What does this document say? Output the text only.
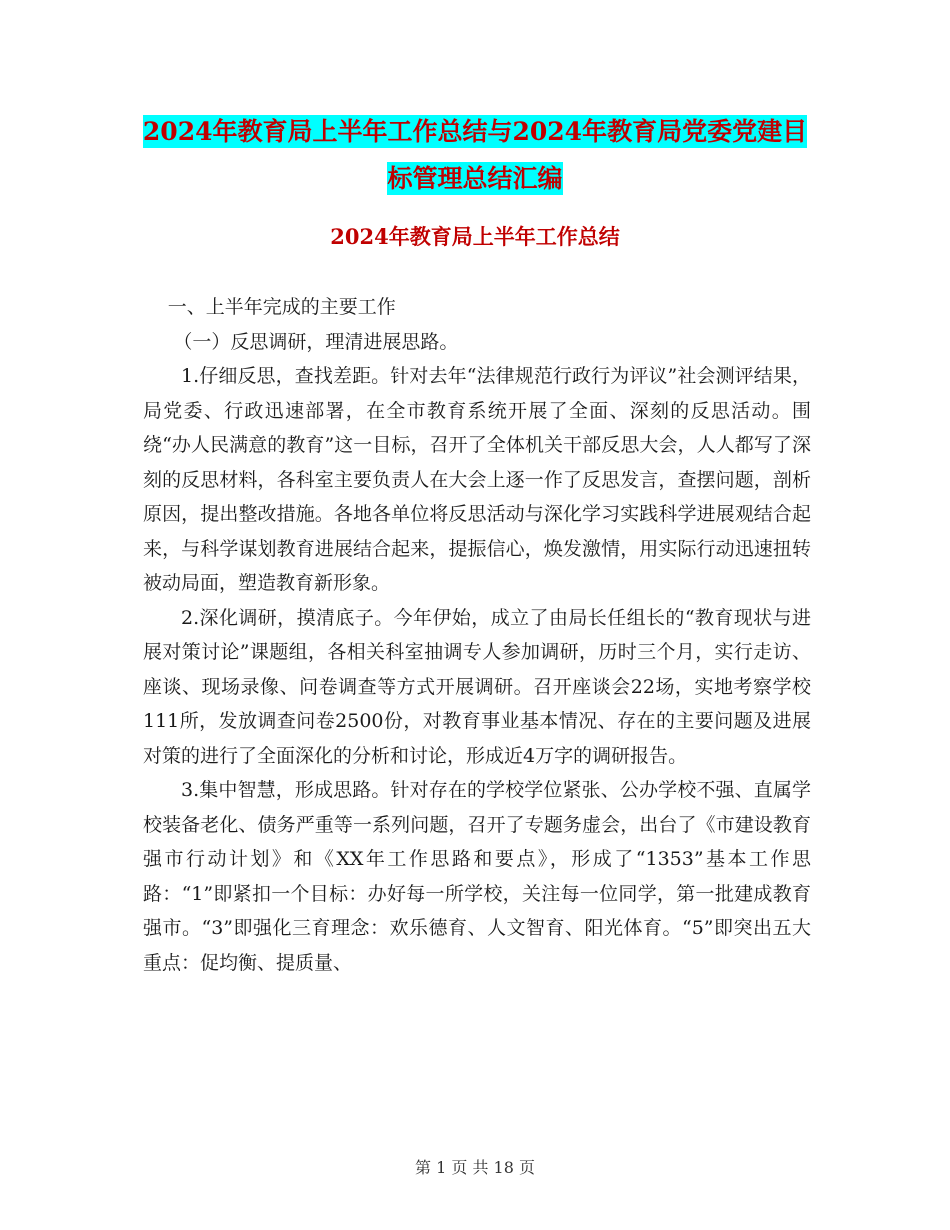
2024年教育局上半年工作总结与2024年教育局党委党建目标管理总结汇编
2024年教育局上半年工作总结

一、上半年完成的主要工作

（一）反思调研，理清进展思路。

1.仔细反思，查找差距。针对去年“法律规范行政行为评议”社会测评结果，局党委、行政迅速部署，在全市教育系统开展了全面、深刻的反思活动。围绕“办人民满意的教育”这一目标，召开了全体机关干部反思大会，人人都写了深刻的反思材料，各科室主要负责人在大会上逐一作了反思发言，查摆问题，剖析原因，提出整改措施。各地各单位将反思活动与深化学习实践科学进展观结合起来，与科学谋划教育进展结合起来，提振信心，焕发激情，用实际行动迅速扭转被动局面，塑造教育新形象。

2.深化调研，摸清底子。今年伊始，成立了由局长任组长的“教育现状与进展对策讨论”课题组，各相关科室抽调专人参加调研，历时三个月，实行走访、座谈、现场录像、问卷调查等方式开展调研。召开座谈会22场，实地考察学校111所，发放调查问卷2500份，对教育事业基本情况、存在的主要问题及进展对策的进行了全面深化的分析和讨论，形成近4万字的调研报告。

3.集中智慧，形成思路。针对存在的学校学位紧张、公办学校不强、直属学校装备老化、债务严重等一系列问题，召开了专题务虚会，出台了《市建设教育强市行动计划》和《XX年工作思路和要点》，形成了“1353”基本工作思路：“1”即紧扣一个目标：办好每一所学校，关注每一位同学，第一批建成教育强市。“3”即强化三育理念：欢乐德育、人文智育、阳光体育。“5”即突出五大重点：促均衡、提质量、

第 1 页 共 18 页
